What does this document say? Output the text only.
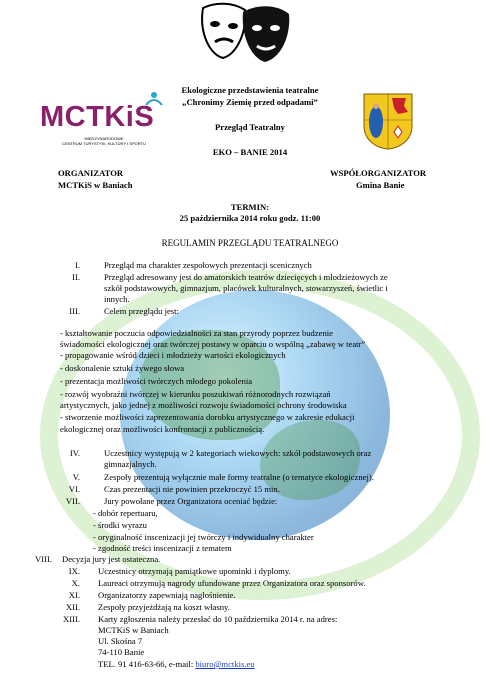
MCTKiS
MIĘDZYNARODOWE
CENTRUM TURYSTYKI, KULTURY I SPORTU
Ekologiczne przedstawienia teatralne
„Chronimy Ziemię przed odpadami”
Przegląd Teatralny
EKO – BANIE 2014
ORGANIZATOR
MCTKiS w Baniach
WSPÓŁORGANIZATOR
Gmina Banie
TERMIN:
25 października 2014 roku godz. 11:00
REGULAMIN PRZEGLĄDU TEATRALNEGO
I.	Przegląd ma charakter zespołowych prezentacji scenicznych
II.	Przegląd adresowany jest do amatorskich teatrów dziecięcych i młodzieżowych ze
szkół podstawowych, gimnazjum, placówek kulturalnych, stowarzyszeń, świetlic i
innych.
III.	Celem przeglądu jest:
- kształtowanie poczucia odpowiedzialności za stan przyrody poprzez budzenie
świadomości ekologicznej oraz twórczej postawy w oparciu o wspólną „zabawę w teatr”
- propagowanie wśród dzieci i młodzieży wartości ekologicznych
- doskonalenie sztuki żywego słowa
- prezentacja możliwości twórczych młodego pokolenia
- rozwój wyobraźni twórczej w kierunku poszukiwań różnorodnych rozwiązań
artystycznych, jako jednej z możliwości rozwoju świadomości ochrony środowiska
- stworzenie możliwości zaprezentowania dorobku artystycznego w zakresie edukacji
ekologicznej oraz możliwości konfrontacji z publicznością.
IV.	Uczestnicy występują w 2 kategoriach wiekowych: szkół podstawowych oraz
gimnazjalnych.
V.	Zespoły prezentują wyłącznie małe formy teatralne (o tematyce ekologicznej).
VI.	Czas prezentacji nie powinien przekroczyć 15 min.
VII.	Jury powołane przez Organizatora oceniać będzie:
- dobór repertuaru,
- środki wyrazu
- oryginalność inscenizacji jej twórczy i indywidualny charakter
- zgodność treści inscenizacji z tematem
VIII. Decyzja jury jest ostateczna.
IX. Uczestnicy otrzymają pamiątkowe upominki i dyplomy.
X. Laureaci otrzymują nagrody ufundowane przez Organizatora oraz sponsorów.
XI. Organizatorzy zapewniają nagłośnienie.
XII. Zespoły przyjeżdżają na koszt własny.
XIII. Karty zgłoszenia należy przesłać do 10 października 2014 r. na adres:
MCTKiS w Baniach
Ul. Skośna 7
74-110 Banie
TEL. 91 416-63-66, e-mail: biuro@mctkis.eu
